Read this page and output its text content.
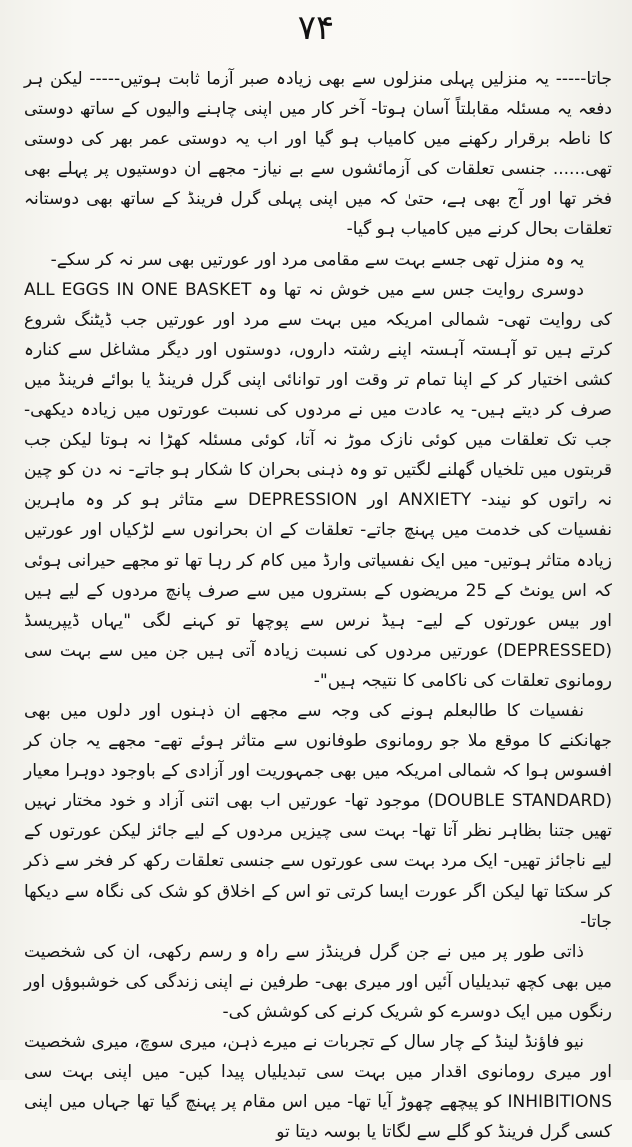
۷۴

جاتا----- یہ منزلیں پہلی منزلوں سے بھی زیادہ صبر آزما ثابت ہوتیں----- لیکن ہر دفعہ یہ مسئلہ مقابلتاً آسان ہوتا- آخر کار میں اپنی چاہنے والیوں کے ساتھ دوستی کا ناطہ برقرار رکھنے میں کامیاب ہو گیا اور اب یہ دوستی عمر بھر کی دوستی تھی...... جنسی تعلقات کی آزمائشوں سے بے نیاز- مجھے ان دوستیوں پر پہلے بھی فخر تھا اور آج بھی ہے، حتیٰ کہ میں اپنی پہلی گرل فرینڈ کے ساتھ بھی دوستانہ تعلقات بحال کرنے میں کامیاب ہو گیا-

یہ وہ منزل تھی جسے بہت سے مقامی مرد اور عورتیں بھی سر نہ کر سکے-

دوسری روایت جس سے میں خوش نہ تھا وہ ALL EGGS IN ONE BASKET کی روایت تھی- شمالی امریکہ میں بہت سے مرد اور عورتیں جب ڈیٹنگ شروع کرتے ہیں تو آہستہ آہستہ اپنے رشتہ داروں، دوستوں اور دیگر مشاغل سے کنارہ کشی اختیار کر کے اپنا تمام تر وقت اور توانائی اپنی گرل فرینڈ یا بوائے فرینڈ میں صرف کر دیتے ہیں- یہ عادت میں نے مردوں کی نسبت عورتوں میں زیادہ دیکھی- جب تک تعلقات میں کوئی نازک موڑ نہ آتا، کوئی مسئلہ کھڑا نہ ہوتا لیکن جب قربتوں میں تلخیاں گھلنے لگتیں تو وہ ذہنی بحران کا شکار ہو جاتے- نہ دن کو چین نہ راتوں کو نیند- ANXIETY اور DEPRESSION سے متاثر ہو کر وہ ماہرین نفسیات کی خدمت میں پہنچ جاتے- تعلقات کے ان بحرانوں سے لڑکیاں اور عورتیں زیادہ متاثر ہوتیں- میں ایک نفسیاتی وارڈ میں کام کر رہا تھا تو مجھے حیرانی ہوئی کہ اس یونٹ کے 25 مریضوں کے بستروں میں سے صرف پانچ مردوں کے لیے ہیں اور بیس عورتوں کے لیے- ہیڈ نرس سے پوچھا تو کہنے لگی "یہاں ڈیپریسڈ (DEPRESSED) عورتیں مردوں کی نسبت زیادہ آتی ہیں جن میں سے بہت سی رومانوی تعلقات کی ناکامی کا نتیجہ ہیں"-

نفسیات کا طالبعلم ہونے کی وجہ سے مجھے ان ذہنوں اور دلوں میں بھی جھانکنے کا موقع ملا جو رومانوی طوفانوں سے متاثر ہوئے تھے- مجھے یہ جان کر افسوس ہوا کہ شمالی امریکہ میں بھی جمہوریت اور آزادی کے باوجود دوہرا معیار (DOUBLE STANDARD) موجود تھا- عورتیں اب بھی اتنی آزاد و خود مختار نہیں تھیں جتنا بظاہر نظر آتا تھا- بہت سی چیزیں مردوں کے لیے جائز لیکن عورتوں کے لیے ناجائز تھیں- ایک مرد بہت سی عورتوں سے جنسی تعلقات رکھ کر فخر سے ذکر کر سکتا تھا لیکن اگر عورت ایسا کرتی تو اس کے اخلاق کو شک کی نگاہ سے دیکھا جاتا-

ذاتی طور پر میں نے جن گرل فرینڈز سے راہ و رسم رکھی، ان کی شخصیت میں بھی کچھ تبدیلیاں آئیں اور میری بھی- طرفین نے اپنی زندگی کی خوشبوؤں اور رنگوں میں ایک دوسرے کو شریک کرنے کی کوشش کی-

نیو فاؤنڈ لینڈ کے چار سال کے تجربات نے میرے ذہن، میری سوچ، میری شخصیت اور میری رومانوی اقدار میں بہت سی تبدیلیاں پیدا کیں- میں اپنی بہت سی INHIBITIONS کو پیچھے چھوڑ آیا تھا- میں اس مقام پر پہنچ گیا تھا جہاں میں اپنی کسی گرل فرینڈ کو گلے سے لگاتا یا بوسہ دیتا تو
